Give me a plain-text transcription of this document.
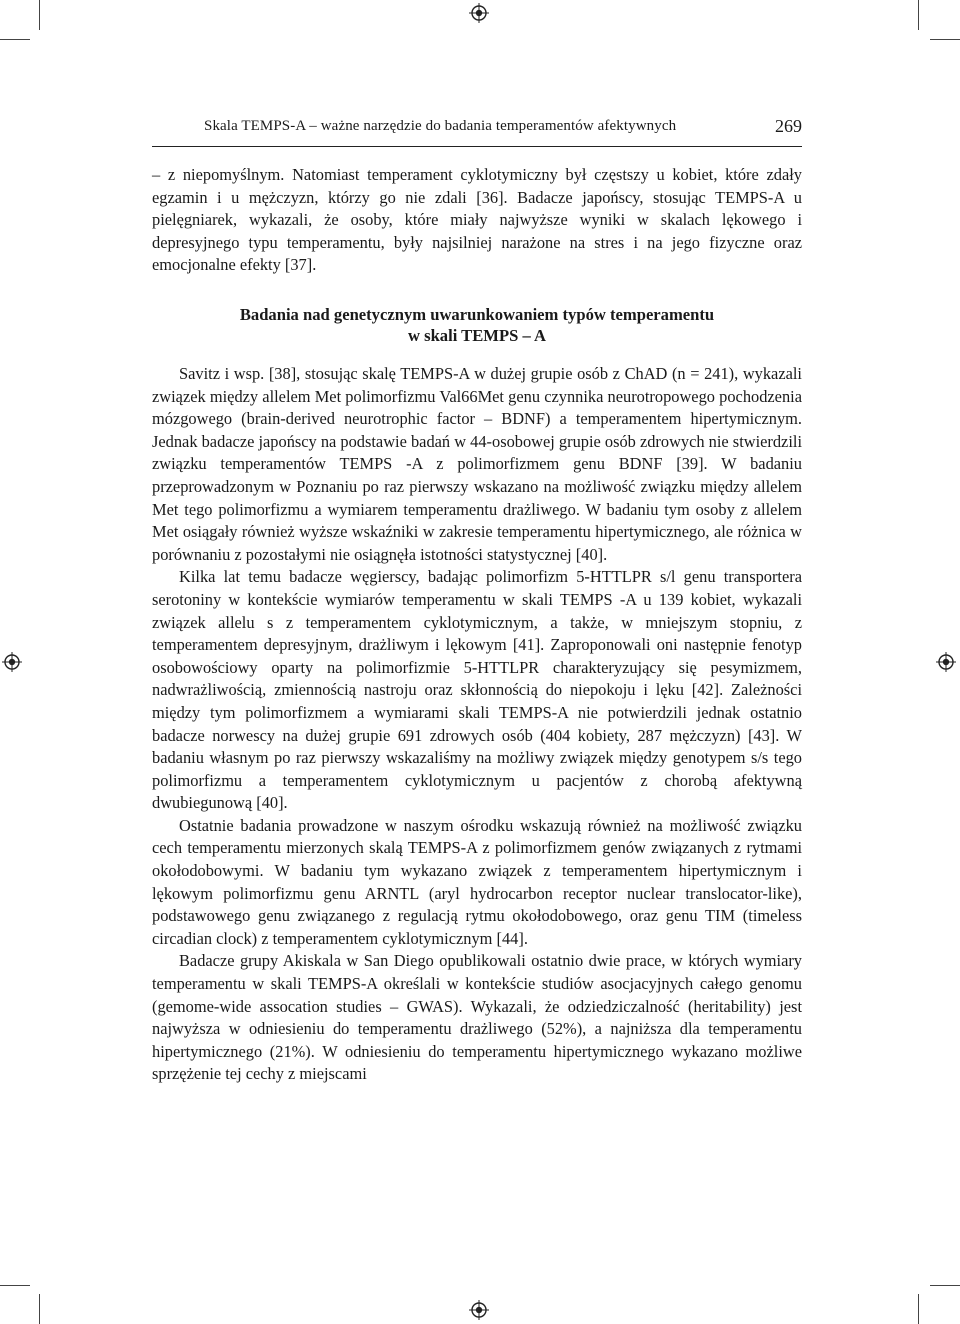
Skala TEMPS-A – ważne narzędzie do badania temperamentów afektywnych	269

– z niepomyślnym. Natomiast temperament cyklotymiczny był częstszy u kobiet, które zdały egzamin i u mężczyzn, którzy go nie zdali [36]. Badacze japońscy, stosując TEMPS-A u pielęgniarek, wykazali, że osoby, które miały najwyższe wyniki w skalach lękowego i depresyjnego typu temperamentu, były najsilniej narażone na stres i na jego fizyczne oraz emocjonalne efekty [37].

Badania nad genetycznym uwarunkowaniem typów temperamentu
w skali TEMPS – A

Savitz i wsp. [38], stosując skalę TEMPS-A w dużej grupie osób z ChAD (n = 241), wykazali związek między allelem Met polimorfizmu Val66Met genu czynnika neurotropowego pochodzenia mózgowego (brain-derived neurotrophic factor – BDNF) a temperamentem hipertymicznym. Jednak badacze japońscy na podstawie badań w 44-osobowej grupie osób zdrowych nie stwierdzili związku temperamentów TEMPS -A z polimorfizmem genu BDNF [39]. W badaniu przeprowadzonym w Poznaniu po raz pierwszy wskazano na możliwość związku między allelem Met tego polimorfizmu a wymiarem temperamentu drażliwego. W badaniu tym osoby z allelem Met osiągały również wyższe wskaźniki w zakresie temperamentu hipertymicznego, ale różnica w porównaniu z pozostałymi nie osiągnęła istotności statystycznej [40].

Kilka lat temu badacze węgierscy, badając polimorfizm 5-HTTLPR s/l genu transportera serotoniny w kontekście wymiarów temperamentu w skali TEMPS -A u 139 kobiet, wykazali związek allelu s z temperamentem cyklotymicznym, a także, w mniejszym stopniu, z temperamentem depresyjnym, drażliwym i lękowym [41]. Zaproponowali oni następnie fenotyp osobowościowy oparty na polimorfizmie 5-HTTLPR charakteryzujący się pesymizmem, nadwrażliwością, zmiennością nastroju oraz skłonnością do niepokoju i lęku [42]. Zależności między tym polimorfizmem a wymiarami skali TEMPS-A nie potwierdzili jednak ostatnio badacze norwescy na dużej grupie 691 zdrowych osób (404 kobiety, 287 mężczyzn) [43]. W badaniu własnym po raz pierwszy wskazaliśmy na możliwy związek między genotypem s/s tego polimorfizmu a temperamentem cyklotymicznym u pacjentów z chorobą afektywną dwubiegunową [40].

Ostatnie badania prowadzone w naszym ośrodku wskazują również na możliwość związku cech temperamentu mierzonych skalą TEMPS-A z polimorfizmem genów związanych z rytmami okołodobowymi. W badaniu tym wykazano związek z temperamentem hipertymicznym i lękowym polimorfizmu genu ARNTL (aryl hydrocarbon receptor nuclear translocator-like), podstawowego genu związanego z regulacją rytmu okołodobowego, oraz genu TIM (timeless circadian clock) z temperamentem cyklotymicznym [44].

Badacze grupy Akiskala w San Diego opublikowali ostatnio dwie prace, w których wymiary temperamentu w skali TEMPS-A określali w kontekście studiów asocjacyjnych całego genomu (gemome-wide assocation studies – GWAS). Wykazali, że odziedziczalność (heritability) jest najwyższa w odniesieniu do temperamentu drażliwego (52%), a najniższa dla temperamentu hipertymicznego (21%). W odniesieniu do temperamentu hipertymicznego wykazano możliwe sprzężenie tej cechy z miejscami
